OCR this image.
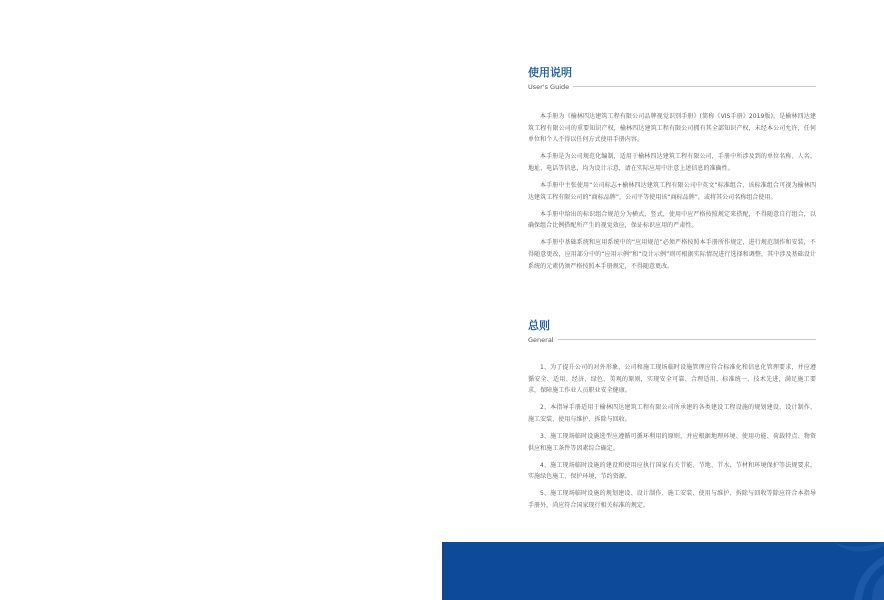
使用说明
User's Guide

本手册为《榆林四达建筑工程有限公司品牌视觉识别手册》(简称《VIS手册》2019版)，是榆林四达建筑工程有限公司的重要知识产权，榆林四达建筑工程有限公司拥有其全部知识产权，未经本公司允许，任何单位和个人不得以任何方式使用手册内容。

本手册是为公司规范化编制，适用于榆林四达建筑工程有限公司，手册中所涉及到的单位名称、人名、地址、电话等信息，均为设计示意，请在实际应用中注意上述信息的准确性。

本手册中主张使用“公司标志+榆林四达建筑工程有限公司中英文”标准组合，该标准组合可视为榆林四达建筑工程有限公司的“商标品牌”，公司平等使用该“商标品牌”，或将其公司名称组合使用。

本手册中给出的标识组合规范分为横式、竖式，使用中应严格按照规定来搭配，不得随意自行组合，以确保组合比例搭配所产生的视觉效应，保证标识应用的严肃性。

本手册中基础系统和应用系统中的“应用规范”必须严格按照本手册所作规定，进行规范制作和安装，不得随意更改，应用部分中的“应用示例”和“设计示例”则可根据实际情况进行选择和调整，其中涉及基础设计系统的元素仍须严格按照本手册规定，不得随意更改。

总则
General

1、为了提升公司的对外形象，公司和施工现场临时设施管理应符合标准化和信息化管理要求，并应遵循安全、适用、经济、绿色、美观的原则，实现安全可靠、合理适用、标准统一、技术先进，满足施工要求，保障施工作业人员职业安全健康。

2、本指导手册适用于榆林四达建筑工程有限公司所承建的各类建设工程设施的规划建设、设计制作、施工安装、使用与维护、拆除与回收。

3、施工现场临时设施选型应遵循可循环利用的原则，并应根据地理环境、使用功能、荷载特点、物资供应和施工条件等因素综合确定。

4、施工现场临时设施的建设和使用应执行国家有关节能、节地、节水、节材和环境保护等法规要求，实施绿色施工，保护环境，节约资源。

5、施工现场临时设施的规划建设、设计制作、施工安装、使用与维护、拆除与回收等除应符合本指导手册外，尚应符合国家现行相关标准的规定。
